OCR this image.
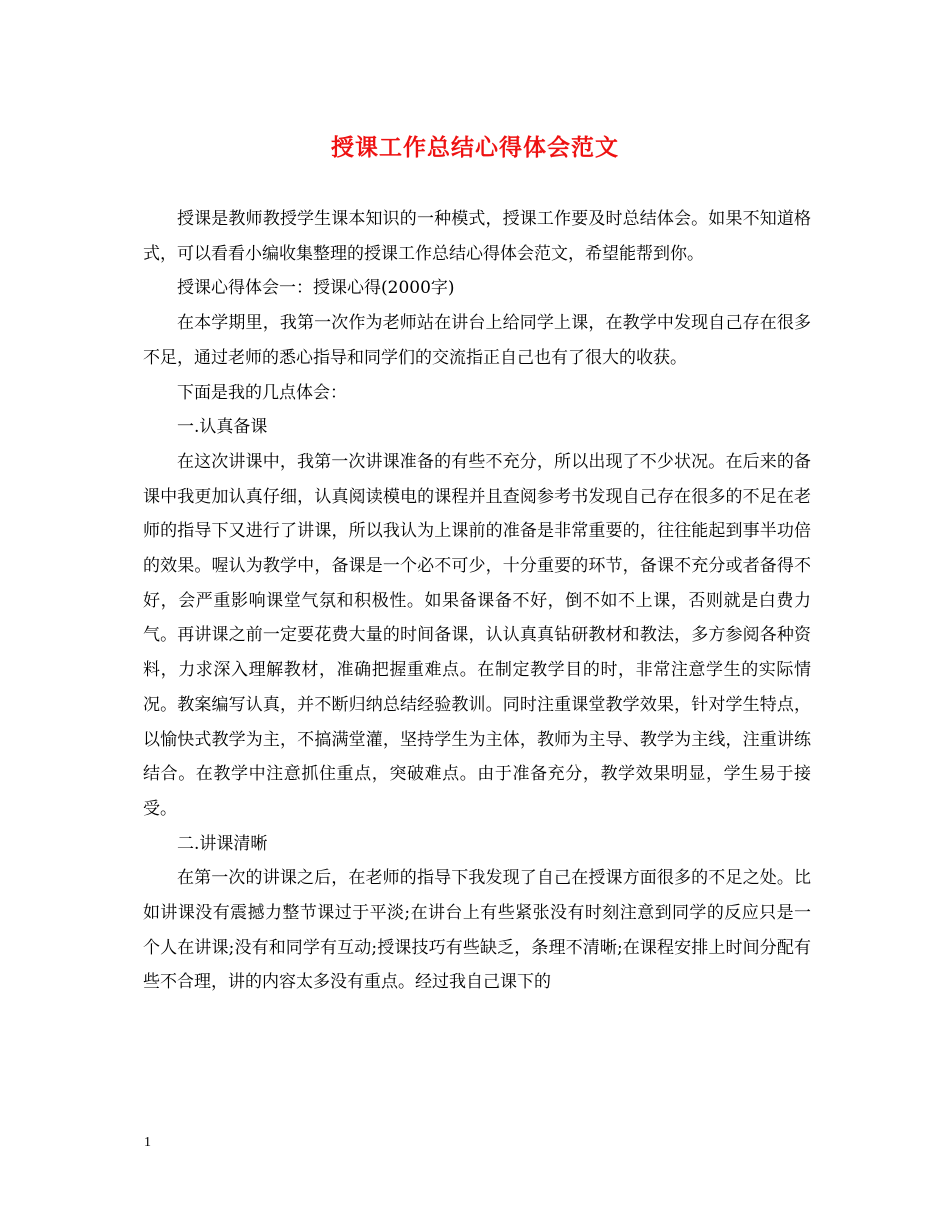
授课工作总结心得体会范文

授课是教师教授学生课本知识的一种模式，授课工作要及时总结体会。如果不知道格式，可以看看小编收集整理的授课工作总结心得体会范文，希望能帮到你。

授课心得体会一：授课心得(2000字)

在本学期里，我第一次作为老师站在讲台上给同学上课，在教学中发现自己存在很多不足，通过老师的悉心指导和同学们的交流指正自己也有了很大的收获。

下面是我的几点体会：

一.认真备课

在这次讲课中，我第一次讲课准备的有些不充分，所以出现了不少状况。在后来的备课中我更加认真仔细，认真阅读模电的课程并且查阅参考书发现自己存在很多的不足在老师的指导下又进行了讲课，所以我认为上课前的准备是非常重要的，往往能起到事半功倍的效果。喔认为教学中，备课是一个必不可少，十分重要的环节，备课不充分或者备得不好，会严重影响课堂气氛和积极性。如果备课备不好，倒不如不上课，否则就是白费力气。再讲课之前一定要花费大量的时间备课，认认真真钻研教材和教法，多方参阅各种资料，力求深入理解教材，准确把握重难点。在制定教学目的时，非常注意学生的实际情况。教案编写认真，并不断归纳总结经验教训。同时注重课堂教学效果，针对学生特点，以愉快式教学为主，不搞满堂灌，坚持学生为主体，教师为主导、教学为主线，注重讲练结合。在教学中注意抓住重点，突破难点。由于准备充分，教学效果明显，学生易于接受。

二.讲课清晰

在第一次的讲课之后，在老师的指导下我发现了自己在授课方面很多的不足之处。比如讲课没有震撼力整节课过于平淡;在讲台上有些紧张没有时刻注意到同学的反应只是一个人在讲课;没有和同学有互动;授课技巧有些缺乏，条理不清晰;在课程安排上时间分配有些不合理，讲的内容太多没有重点。经过我自己课下的

1
